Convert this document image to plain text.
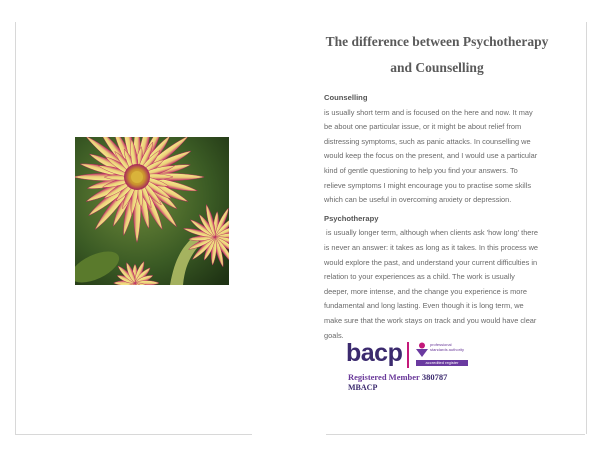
The difference between Psychotherapy
and Counselling
Counselling

is usually short term and is focused on the here and now. It may
be about one particular issue, or it might be about relief from
distressing symptoms, such as panic attacks. In counselling we
would keep the focus on the present, and I would use a particular
kind of gentle questioning to help you find your answers. To
relieve symptoms I might encourage you to practise some skills
which can be useful in overcoming anxiety or depression.

Psychotherapy

is usually longer term, although when clients ask 'how long' there
is never an answer: it takes as long as it takes. In this process we
would explore the past, and understand your current difficulties in
relation to your experiences as a child. The work is usually
deeper, more intense, and the change you experience is more
fundamental and long lasting. Even though it is long term, we
make sure that the work stays on track and you would have clear
goals.

bacp	professional standards authority
accredited register
Registered Member 380787
MBACP
